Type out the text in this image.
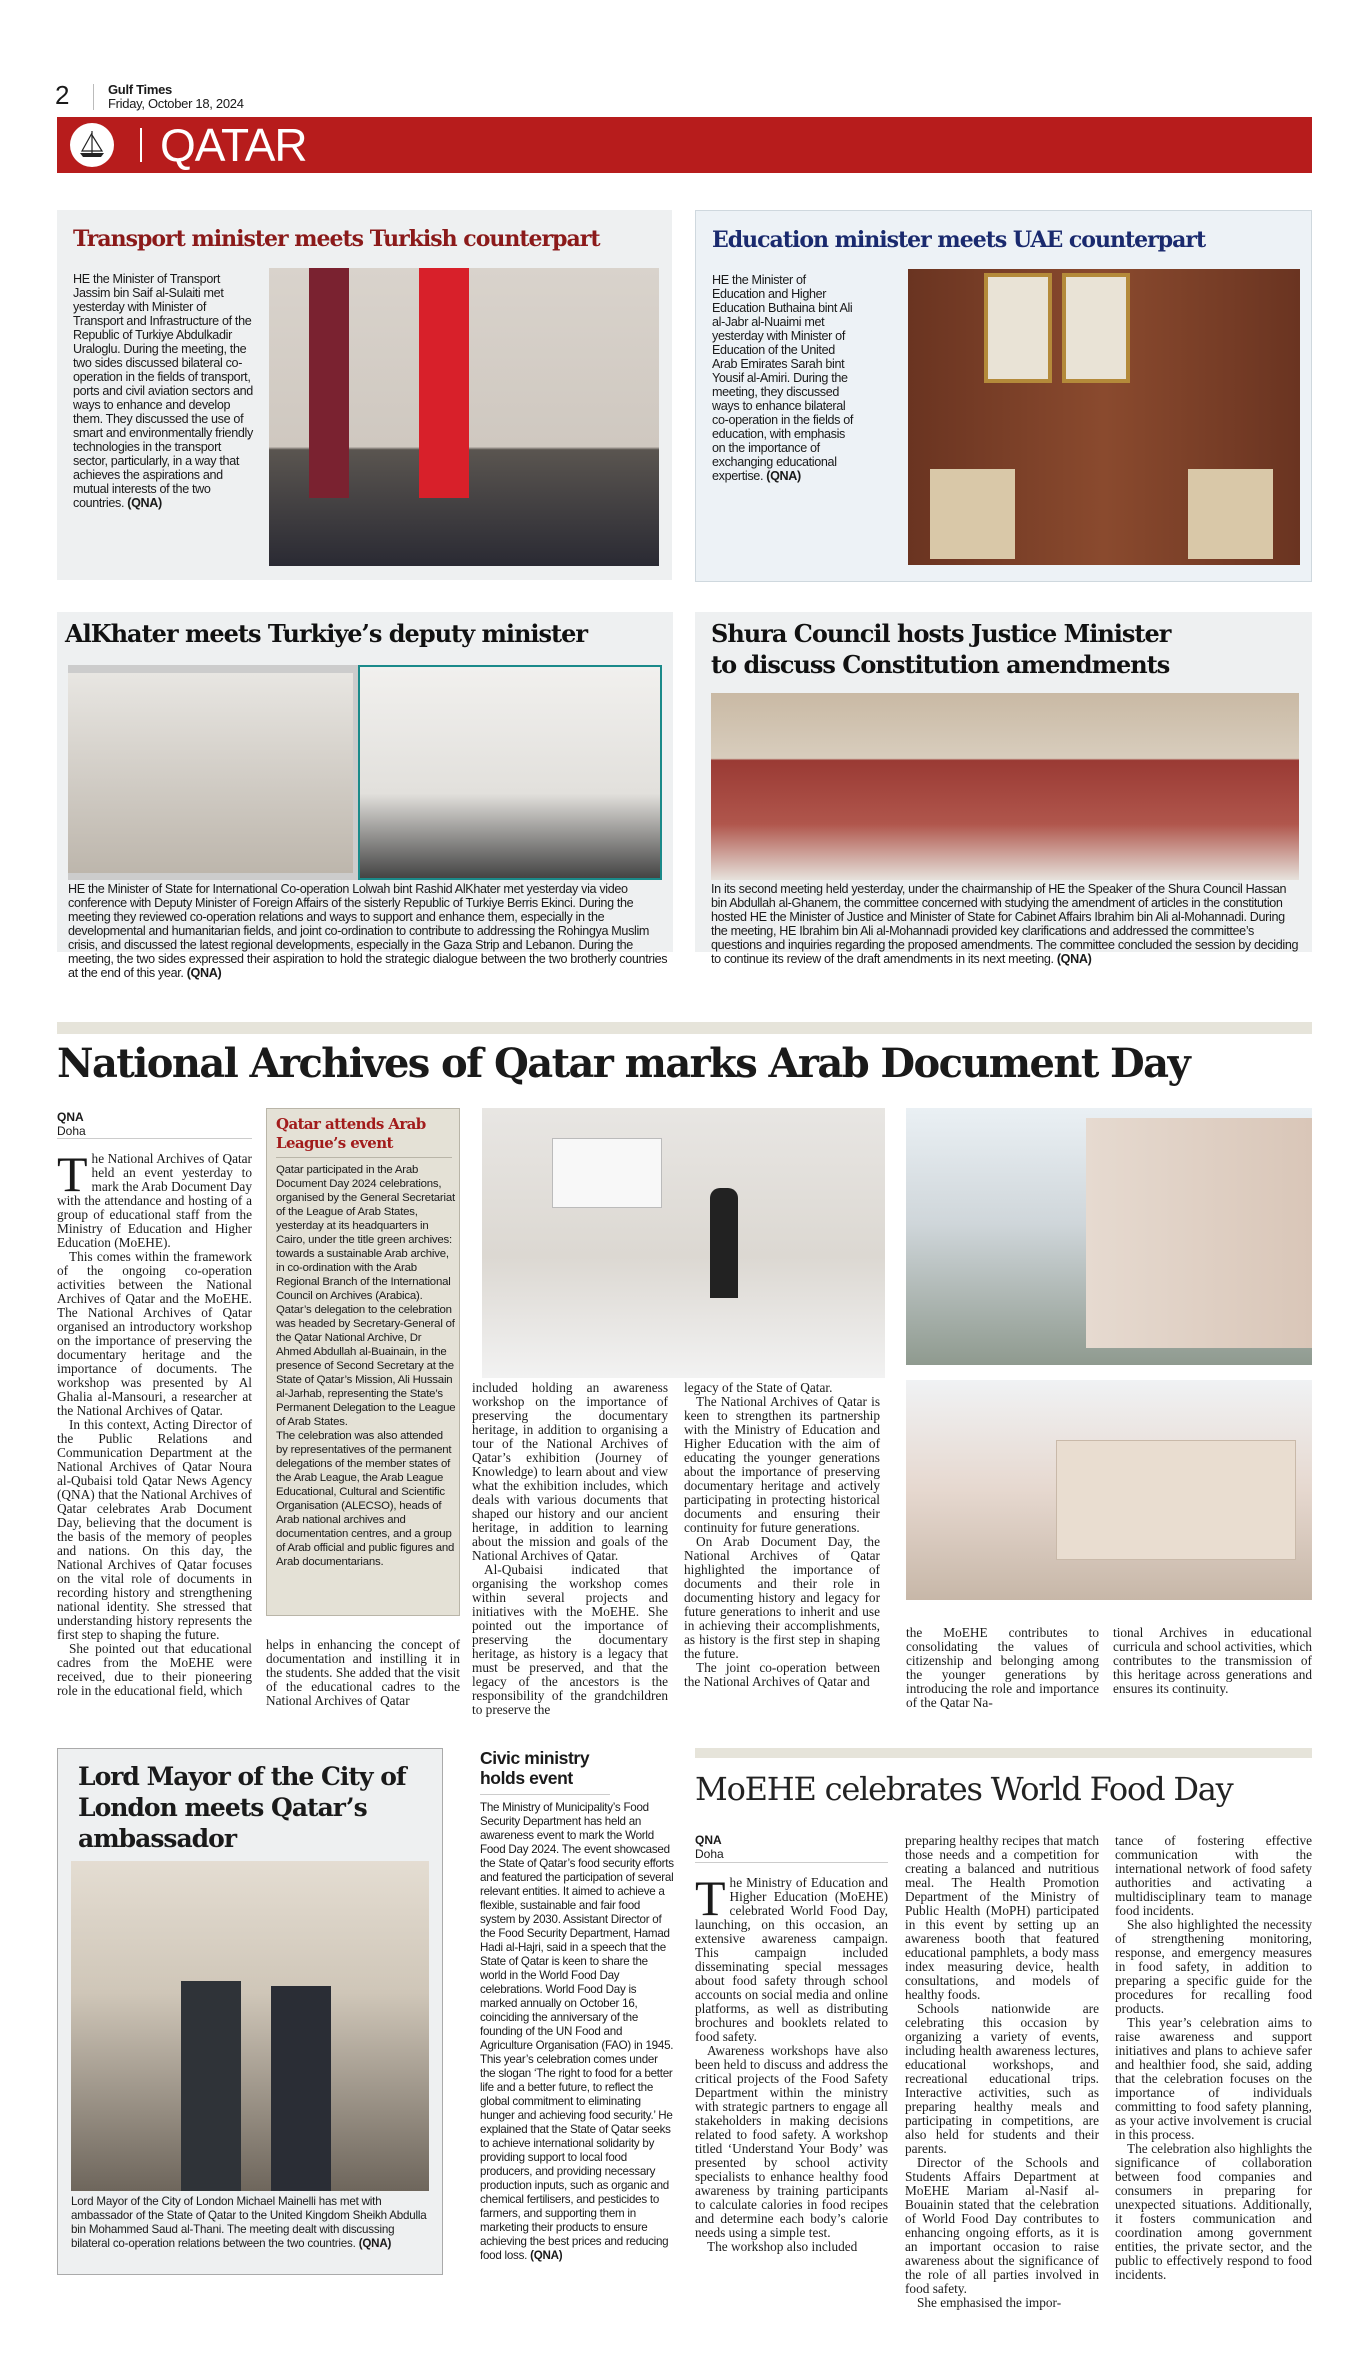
2	Gulf Times
Friday, October 18, 2024
QATAR
Transport minister meets Turkish counterpart
HE the Minister of Transport Jassim bin Saif al-Sulaiti met yesterday with Minister of Transport and Infrastructure of the Republic of Turkiye Abdulkadir Uraloglu. During the meeting, the two sides discussed bilateral co-operation in the fields of transport, ports and civil aviation sectors and ways to enhance and develop them. They discussed the use of smart and environmentally friendly technologies in the transport sector, particularly, in a way that achieves the aspirations and mutual interests of the two countries. (QNA)
Education minister meets UAE counterpart
HE the Minister of Education and Higher Education Buthaina bint Ali al-Jabr al-Nuaimi met yesterday with Minister of Education of the United Arab Emirates Sarah bint Yousif al-Amiri. During the meeting, they discussed ways to enhance bilateral co-operation in the fields of education, with emphasis on the importance of exchanging educational expertise. (QNA)
AlKhater meets Turkiye’s deputy minister
HE the Minister of State for International Co-operation Lolwah bint Rashid AlKhater met yesterday via video conference with Deputy Minister of Foreign Affairs of the sisterly Republic of Turkiye Berris Ekinci. During the meeting they reviewed co-operation relations and ways to support and enhance them, especially in the developmental and humanitarian fields, and joint co-ordination to contribute to addressing the Rohingya Muslim crisis, and discussed the latest regional developments, especially in the Gaza Strip and Lebanon. During the meeting, the two sides expressed their aspiration to hold the strategic dialogue between the two brotherly countries at the end of this year. (QNA)
Shura Council hosts Justice Minister
to discuss Constitution amendments
In its second meeting held yesterday, under the chairmanship of HE the Speaker of the Shura Council Hassan bin Abdullah al-Ghanem, the committee concerned with studying the amendment of articles in the constitution hosted HE the Minister of Justice and Minister of State for Cabinet Affairs Ibrahim bin Ali al-Mohannadi. During the meeting, HE Ibrahim bin Ali al-Mohannadi provided key clarifications and addressed the committee’s questions and inquiries regarding the proposed amendments. The committee concluded the session by deciding to continue its review of the draft amendments in its next meeting. (QNA)
National Archives of Qatar marks Arab Document Day
QNA
Doha
T he National Archives of Qatar held an event yesterday to mark the Arab Document Day with the attendance and hosting of a group of educational staff from the Ministry of Education and Higher Education (MoEHE).

This comes within the framework of the ongoing co-operation activities between the National Archives of Qatar and the MoEHE. The National Archives of Qatar organised an introductory workshop on the importance of preserving the documentary heritage and the importance of documents. The workshop was presented by Al Ghalia al-Mansouri, a researcher at the National Archives of Qatar.

In this context, Acting Director of the Public Relations and Communication Department at the National Archives of Qatar Noura al-Qubaisi told Qatar News Agency (QNA) that the National Archives of Qatar celebrates Arab Document Day, believing that the document is the basis of the memory of peoples and nations. On this day, the National Archives of Qatar focuses on the vital role of documents in recording history and strengthening national identity. She stressed that understanding history represents the first step to shaping the future.

She pointed out that educational cadres from the MoEHE were received, due to their pioneering role in the educational field, which

Qatar attends Arab League’s event

Qatar participated in the Arab Document Day 2024 celebrations, organised by the General Secretariat of the League of Arab States, yesterday at its headquarters in Cairo, under the title green archives: towards a sustainable Arab archive, in co-ordination with the Arab Regional Branch of the International Council on Archives (Arabica).

Qatar’s delegation to the celebration was headed by Secretary-General of the Qatar National Archive, Dr Ahmed Abdullah al-Buainain, in the presence of Second Secretary at the State of Qatar’s Mission, Ali Hussain al-Jarhab, representing the State’s Permanent Delegation to the League of Arab States.

The celebration was also attended by representatives of the permanent delegations of the member states of the Arab League, the Arab League Educational, Cultural and Scientific Organisation (ALECSO), heads of Arab national archives and documentation centres, and a group of Arab official and public figures and Arab documentarians.

helps in enhancing the concept of documentation and instilling it in the students. She added that the visit of the educational cadres to the National Archives of Qatar

included holding an awareness workshop on the importance of preserving the documentary heritage, in addition to organising a tour of the National Archives of Qatar’s exhibition (Journey of Knowledge) to learn about and view what the exhibition includes, which deals with various documents that shaped our history and our ancient heritage, in addition to learning about the mission and goals of the National Archives of Qatar.

Al-Qubaisi indicated that organising the workshop comes within several projects and initiatives with the MoEHE. She pointed out the importance of preserving the documentary heritage, as history is a legacy that must be preserved, and that the legacy of the ancestors is the responsibility of the grandchildren to preserve the

legacy of the State of Qatar.

The National Archives of Qatar is keen to strengthen its partnership with the Ministry of Education and Higher Education with the aim of educating the younger generations about the importance of preserving documentary heritage and actively participating in protecting historical documents and ensuring their continuity for future generations.

On Arab Document Day, the National Archives of Qatar highlighted the importance of documents and their role in documenting history and legacy for future generations to inherit and use in achieving their accomplishments, as history is the first step in shaping the future.

The joint co-operation between the National Archives of Qatar and

the MoEHE contributes to consolidating the values of citizenship and belonging among the younger generations by introducing the role and importance of the Qatar Na-

tional Archives in educational curricula and school activities, which contributes to the transmission of this heritage across generations and ensures its continuity.

Lord Mayor of the City of London meets Qatar’s ambassador
Lord Mayor of the City of London Michael Mainelli has met with ambassador of the State of Qatar to the United Kingdom Sheikh Abdulla bin Mohammed Saud al-Thani. The meeting dealt with discussing bilateral co-operation relations between the two countries. (QNA)
Civic ministry holds event
The Ministry of Municipality’s Food Security Department has held an awareness event to mark the World Food Day 2024. The event showcased the State of Qatar’s food security efforts and featured the participation of several relevant entities. It aimed to achieve a flexible, sustainable and fair food system by 2030. Assistant Director of the Food Security Department, Hamad Hadi al-Hajri, said in a speech that the State of Qatar is keen to share the world in the World Food Day celebrations. World Food Day is marked annually on October 16, coinciding the anniversary of the founding of the UN Food and Agriculture Organisation (FAO) in 1945. This year’s celebration comes under the slogan ‘The right to food for a better life and a better future, to reflect the global commitment to eliminating hunger and achieving food security.’ He explained that the State of Qatar seeks to achieve international solidarity by providing support to local food producers, and providing necessary production inputs, such as organic and chemical fertilisers, and pesticides to farmers, and supporting them in marketing their products to ensure achieving the best prices and reducing food loss. (QNA)
MoEHE celebrates World Food Day
QNA
Doha
T he Ministry of Education and Higher Education (MoEHE) celebrated World Food Day, launching, on this occasion, an extensive awareness campaign. This campaign included disseminating special messages about food safety through school accounts on social media and online platforms, as well as distributing brochures and booklets related to food safety.

Awareness workshops have also been held to discuss and address the critical projects of the Food Safety Department within the ministry with strategic partners to engage all stakeholders in making decisions related to food safety. A workshop titled ‘Understand Your Body’ was presented by school activity specialists to enhance healthy food awareness by training participants to calculate calories in food recipes and determine each body’s calorie needs using a simple test.

The workshop also included

preparing healthy recipes that match those needs and a competition for creating a balanced and nutritious meal. The Health Promotion Department of the Ministry of Public Health (MoPH) participated in this event by setting up an awareness booth that featured educational pamphlets, a body mass index measuring device, health consultations, and models of healthy foods.

Schools nationwide are celebrating this occasion by organizing a variety of events, including health awareness lectures, educational workshops, and recreational educational trips. Interactive activities, such as preparing healthy meals and participating in competitions, are also held for students and their parents.

Director of the Schools and Students Affairs Department at MoEHE Mariam al-Nasif al-Bouainin stated that the celebration of World Food Day contributes to enhancing ongoing efforts, as it is an important occasion to raise awareness about the significance of the role of all parties involved in food safety.

She emphasised the impor-

tance of fostering effective communication with the international network of food safety authorities and activating a multidisciplinary team to manage food incidents.

She also highlighted the necessity of strengthening monitoring, response, and emergency measures in food safety, in addition to preparing a specific guide for the procedures for recalling food products.

This year’s celebration aims to raise awareness and support initiatives and plans to achieve safer and healthier food, she said, adding that the celebration focuses on the importance of individuals committing to food safety planning, as your active involvement is crucial in this process.

The celebration also highlights the significance of collaboration between food companies and consumers in preparing for unexpected situations. Additionally, it fosters communication and coordination among government entities, the private sector, and the public to effectively respond to food incidents.
